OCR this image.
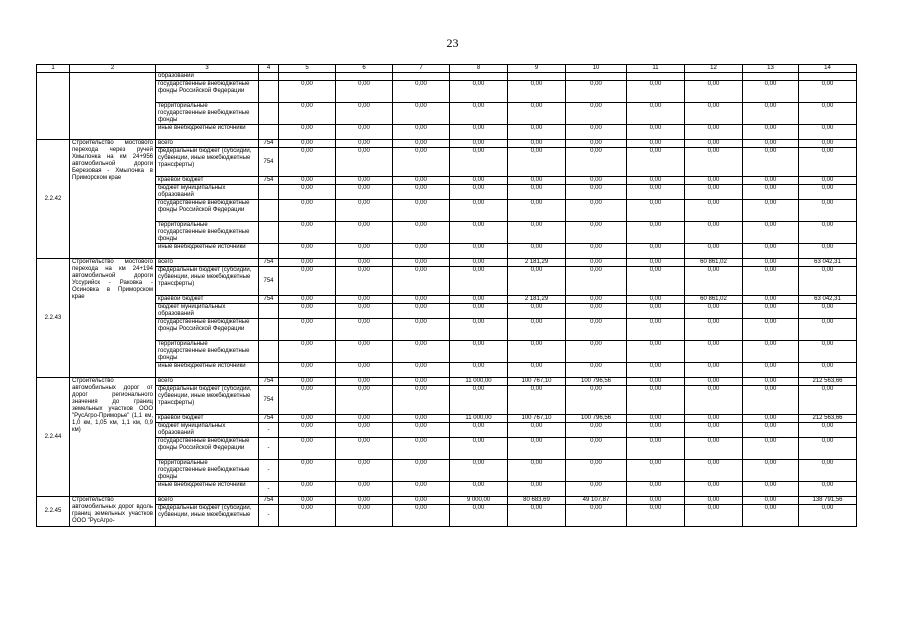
23
1	2	3	4	5	6	7	8	9	10	11	12	13	14
		образований											
		государственные внебюджетные фонды Российской Федерации		0,00	0,00	0,00	0,00	0,00	0,00	0,00	0,00	0,00	0,00
		территориальные государственные внебюджетные фонды		0,00	0,00	0,00	0,00	0,00	0,00	0,00	0,00	0,00	0,00
		иные внебюджетные источники		0,00	0,00	0,00	0,00	0,00	0,00	0,00	0,00	0,00	0,00
2.2.42	Строительство мостового перехода через ручей Хмылонка на км 24+956 автомобильной дороги Березовая - Хмылонка в Приморском крае	всего	754	0,00	0,00	0,00	0,00	0,00	0,00	0,00	0,00	0,00	0,00
		федеральный бюджет (субсидии, субвенции, иные межбюджетные трансферты)	754	0,00	0,00	0,00	0,00	0,00	0,00	0,00	0,00	0,00	0,00
		краевой бюджет	754	0,00	0,00	0,00	0,00	0,00	0,00	0,00	0,00	0,00	0,00
		бюджет муниципальных образований		0,00	0,00	0,00	0,00	0,00	0,00	0,00	0,00	0,00	0,00
		государственные внебюджетные фонды Российской Федерации		0,00	0,00	0,00	0,00	0,00	0,00	0,00	0,00	0,00	0,00
		территориальные государственные внебюджетные фонды		0,00	0,00	0,00	0,00	0,00	0,00	0,00	0,00	0,00	0,00
		иные внебюджетные источники		0,00	0,00	0,00	0,00	0,00	0,00	0,00	0,00	0,00	0,00
2.2.43	Строительство мостового перехода на км 24+194 автомобильной дороги Уссурийск - Раковка - Осиновка в Приморском крае	всего	754	0,00	0,00	0,00	0,00	2 181,29	0,00	0,00	60 861,02	0,00	63 042,31
		федеральный бюджет (субсидии, субвенции, иные межбюджетные трансферты)	754	0,00	0,00	0,00	0,00	0,00	0,00	0,00	0,00	0,00	0,00
		краевой бюджет	754	0,00	0,00	0,00	0,00	2 181,29	0,00	0,00	60 861,02	0,00	63 042,31
		бюджет муниципальных образований		0,00	0,00	0,00	0,00	0,00	0,00	0,00	0,00	0,00	0,00
		государственные внебюджетные фонды Российской Федерации		0,00	0,00	0,00	0,00	0,00	0,00	0,00	0,00	0,00	0,00
		территориальные государственные внебюджетные фонды		0,00	0,00	0,00	0,00	0,00	0,00	0,00	0,00	0,00	0,00
		иные внебюджетные источники		0,00	0,00	0,00	0,00	0,00	0,00	0,00	0,00	0,00	0,00
2.2.44	Строительство автомобильных дорог от дорог регионального значения до границ земельных участков ООО "РусАгро-Приморье" (1,1 км, 1,0 км, 1,05 км, 1,1 км, 0,9 км)	всего	754	0,00	0,00	0,00	11 000,00	100 767,10	100 796,56	0,00	0,00	0,00	212 563,66
		федеральный бюджет (субсидии, субвенции, иные межбюджетные трансферты)	754	0,00	0,00	0,00	0,00	0,00	0,00	0,00	0,00	0,00	0,00
		краевой бюджет	754	0,00	0,00	0,00	11 000,00	100 767,10	100 796,56	0,00	0,00	0,00	212 563,66
		бюджет муниципальных образований	-	0,00	0,00	0,00	0,00	0,00	0,00	0,00	0,00	0,00	0,00
		государственные внебюджетные фонды Российской Федерации	-	0,00	0,00	0,00	0,00	0,00	0,00	0,00	0,00	0,00	0,00
		территориальные государственные внебюджетные фонды	-	0,00	0,00	0,00	0,00	0,00	0,00	0,00	0,00	0,00	0,00
		иные внебюджетные источники	-	0,00	0,00	0,00	0,00	0,00	0,00	0,00	0,00	0,00	0,00
2.2.45	Строительство автомобильных дорог вдоль границ земельных участков ООО "РусАгро-	всего	754	0,00	0,00	0,00	9 000,00	80 683,69	49 107,87	0,00	0,00	0,00	138 791,56
		федеральный бюджет (субсидии, субвенции, иные межбюджетные	-	0,00	0,00	0,00	0,00	0,00	0,00	0,00	0,00	0,00	0,00
